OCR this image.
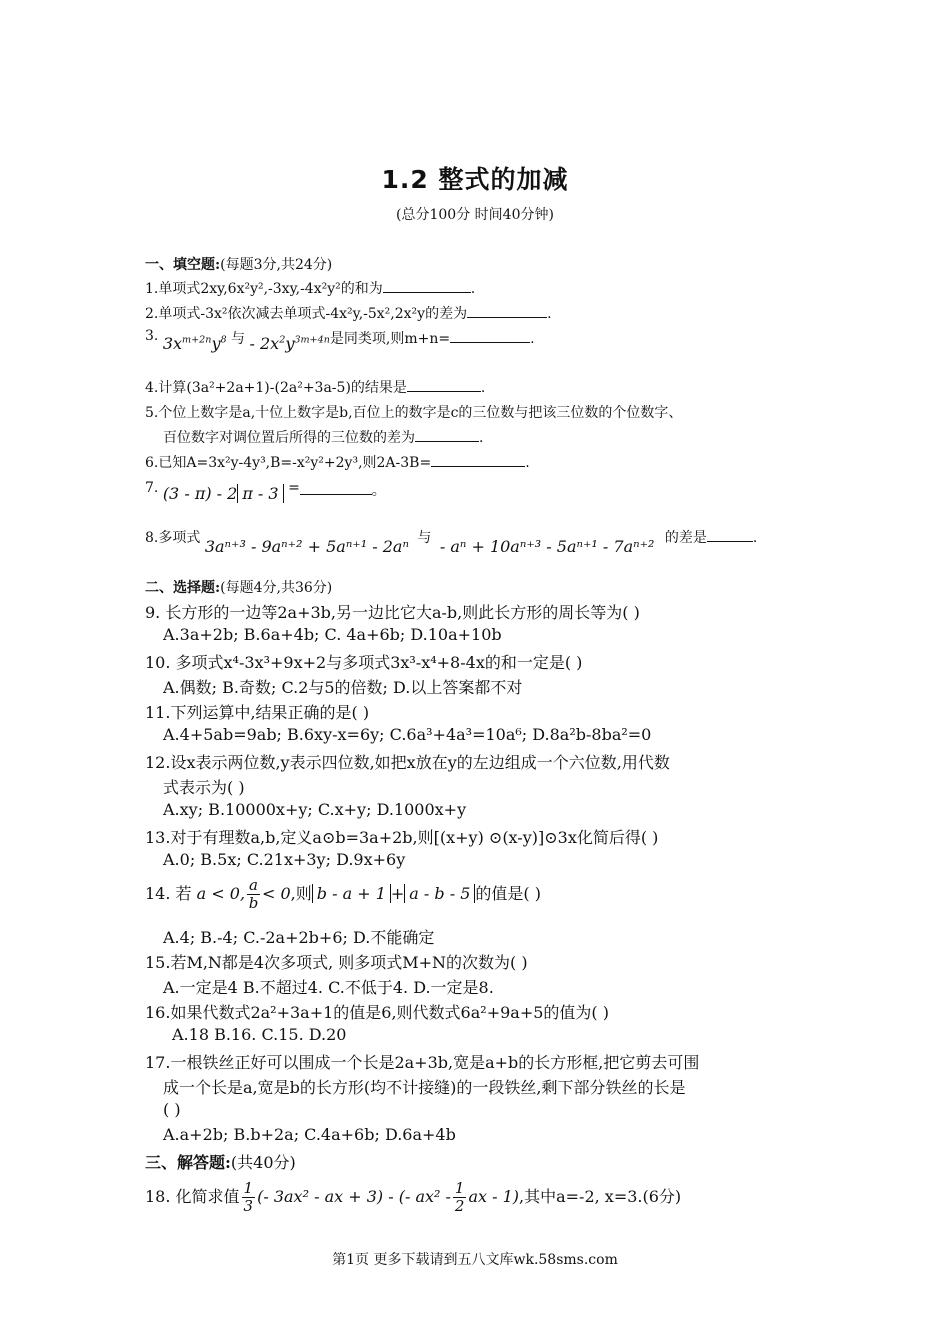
1.2 整式的加减
(总分100分 时间40分钟)
一、填空题:(每题3分,共24分)
1.单项式2xy,6x²y²,-3xy,-4x²y²的和为	.
2.单项式-3x²依次减去单项式-4x²y,-5x²,2x²y的差为	.
3. $3x^{m+2n}y^8$ 与 - $2x^2y^{3m+4n}$是同类项,则m+n=	.
4.计算(3a²+2a+1)-(2a²+3a-5)的结果是	.
5.个位上数字是a,十位上数字是b,百位上的数字是c的三位数与把该三位数的个位数字、
百位数字对调位置后所得的三位数的差为	.
6.已知A=3x²y-4y³,B=-x²y²+2y³,则2A-3B=	.
7. (3 - π) - 2 π - 3 =	。
8.多项式 3aⁿ⁺³ - 9aⁿ⁺² + 5aⁿ⁺¹ - 2aⁿ 与 - aⁿ + 10aⁿ⁺³ - 5aⁿ⁺¹ - 7aⁿ⁺² 的差是	.
二、选择题:(每题4分,共36分)
9. 长方形的一边等2a+3b,另一边比它大a-b,则此长方形的周长等为( )
A.3a+2b; B.6a+4b; C. 4a+6b; D.10a+10b
10. 多项式x⁴-3x³+9x+2与多项式3x³-x⁴+8-4x的和一定是( )
A.偶数; B.奇数; C.2与5的倍数; D.以上答案都不对
11.下列运算中,结果正确的是( )
A.4+5ab=9ab; B.6xy-x=6y; C.6a³+4a³=10a⁶; D.8a²b-8ba²=0
12.设x表示两位数,y表示四位数,如把x放在y的左边组成一个六位数,用代数
式表示为( )
A.xy; B.10000x+y; C.x+y; D.1000x+y
13.对于有理数a,b,定义a⊙b=3a+2b,则[(x+y) ⊙(x-y)]⊙3x化简后得( )
A.0; B.5x; C.21x+3y; D.9x+6y
14. 若 a < 0, $\frac{a}{b} < 0$,则 b - a + 1 + a - b - 5 的值是( )
A.4; B.-4; C.-2a+2b+6; D.不能确定
15.若M,N都是4次多项式, 则多项式M+N的次数为( )
A.一定是4 B.不超过4. C.不低于4. D.一定是8.
16.如果代数式2a²+3a+1的值是6,则代数式6a²+9a+5的值为( )
A.18 B.16. C.15. D.20
17.一根铁丝正好可以围成一个长是2a+3b,宽是a+b的长方形框,把它剪去可围
成一个长是a,宽是b的长方形(均不计接缝)的一段铁丝,剩下部分铁丝的长是
( )
A.a+2b; B.b+2a; C.4a+6b; D.6a+4b
三、解答题:(共40分)
18. 化简求值 $\frac{1}{3}$ (- 3ax² - ax + 3) - (- $ax^2 - \frac{1}{2}$ ax - 1),其中a=-2, x=3.(6分)
第1页 更多下载请到五八文库wk.58sms.com
